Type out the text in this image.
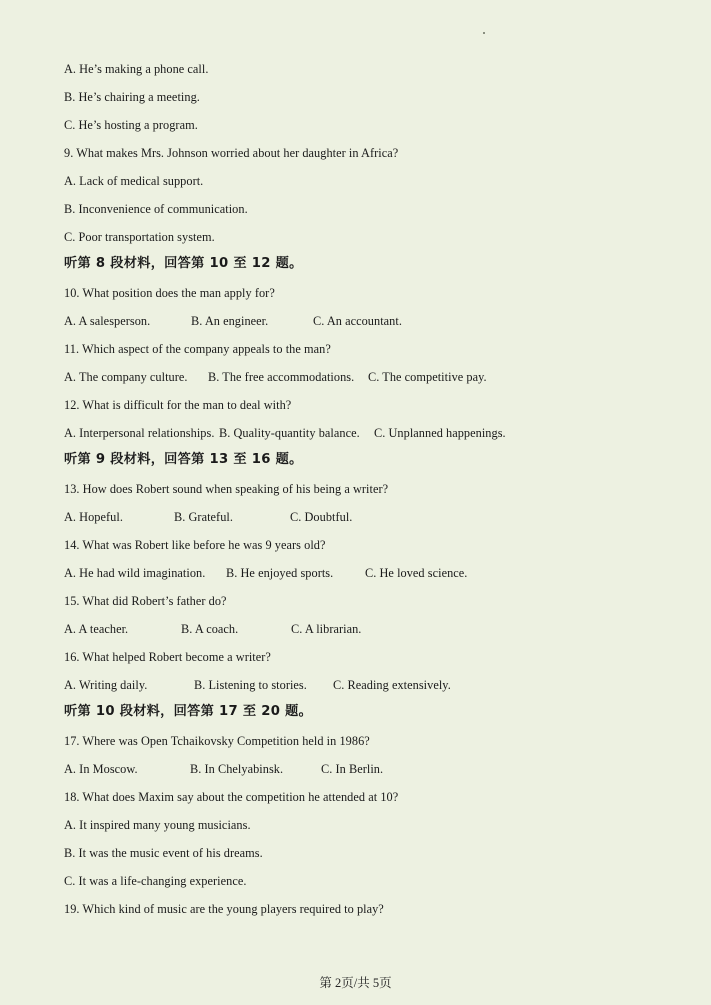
A. He’s making a phone call.
B. He’s chairing a meeting.
C. He’s hosting a program.
9. What makes Mrs. Johnson worried about her daughter in Africa?
A. Lack of medical support.
B. Inconvenience of communication.
C. Poor transportation system.
听第 8 段材料，回答第 10 至 12 题。
10. What position does the man apply for?
A. A salesperson.	B. An engineer.	C. An accountant.
11. Which aspect of the company appeals to the man?
A. The company culture. B. The free accommodations. C. The competitive pay.
12. What is difficult for the man to deal with?
A. Interpersonal relationships. B. Quality-quantity balance. C. Unplanned happenings.
听第 9 段材料，回答第 13 至 16 题。
13. How does Robert sound when speaking of his being a writer?
A. Hopeful.	B. Grateful.	C. Doubtful.
14. What was Robert like before he was 9 years old?
A. He had wild imagination. B. He enjoyed sports.	C. He loved science.
15. What did Robert’s father do?
A. A teacher.	B. A coach.	C. A librarian.
16. What helped Robert become a writer?
A. Writing daily.	B. Listening to stories. C. Reading extensively.
听第 10 段材料，回答第 17 至 20 题。
17. Where was Open Tchaikovsky Competition held in 1986?
A. In Moscow.	B. In Chelyabinsk.	C. In Berlin.
18. What does Maxim say about the competition he attended at 10?
A. It inspired many young musicians.
B. It was the music event of his dreams.
C. It was a life-changing experience.
19. Which kind of music are the young players required to play?
第 2页/共 5页
